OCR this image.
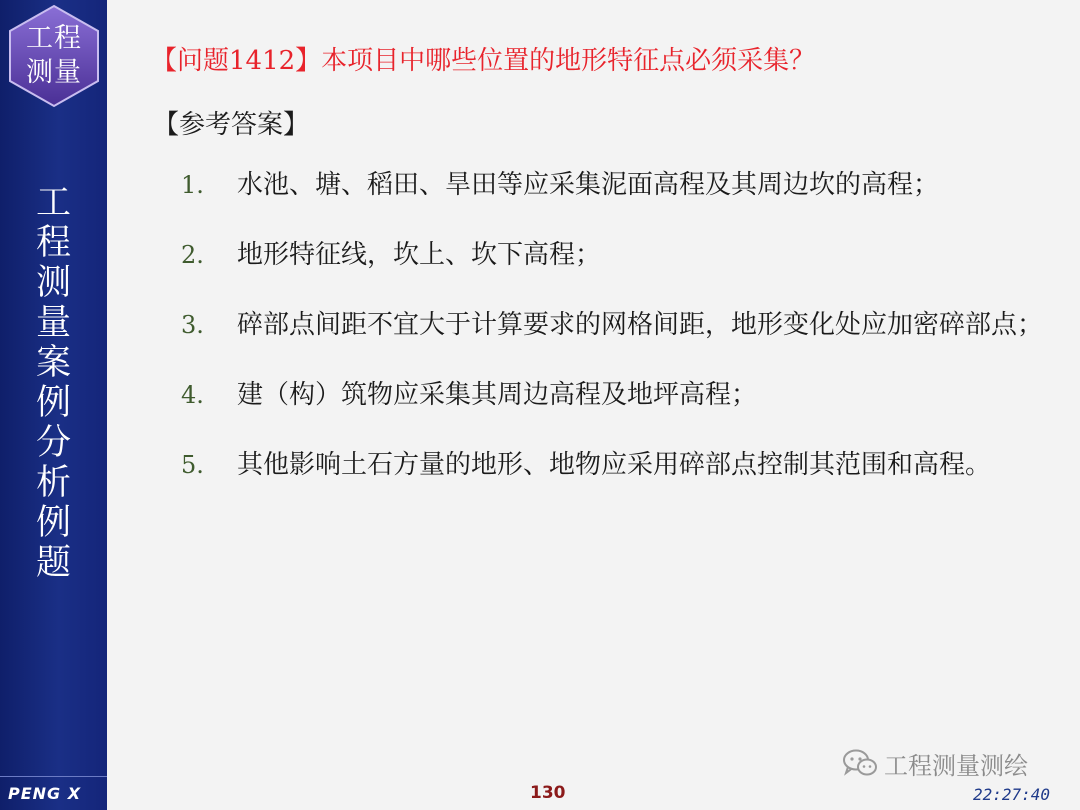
工程
测量
工
程
测
量
案
例
分
析
例
题
PENG X
【问题1412】本项目中哪些位置的地形特征点必须采集？
【参考答案】
1. 水池、塘、稻田、旱田等应采集泥面高程及其周边坎的高程；
2. 地形特征线，坎上、坎下高程；
3. 碎部点间距不宜大于计算要求的网格间距，地形变化处应加密碎部点；
4. 建（构）筑物应采集其周边高程及地坪高程；
5. 其他影响土石方量的地形、地物应采用碎部点控制其范围和高程。
工程测量测绘
130	22:27:40
